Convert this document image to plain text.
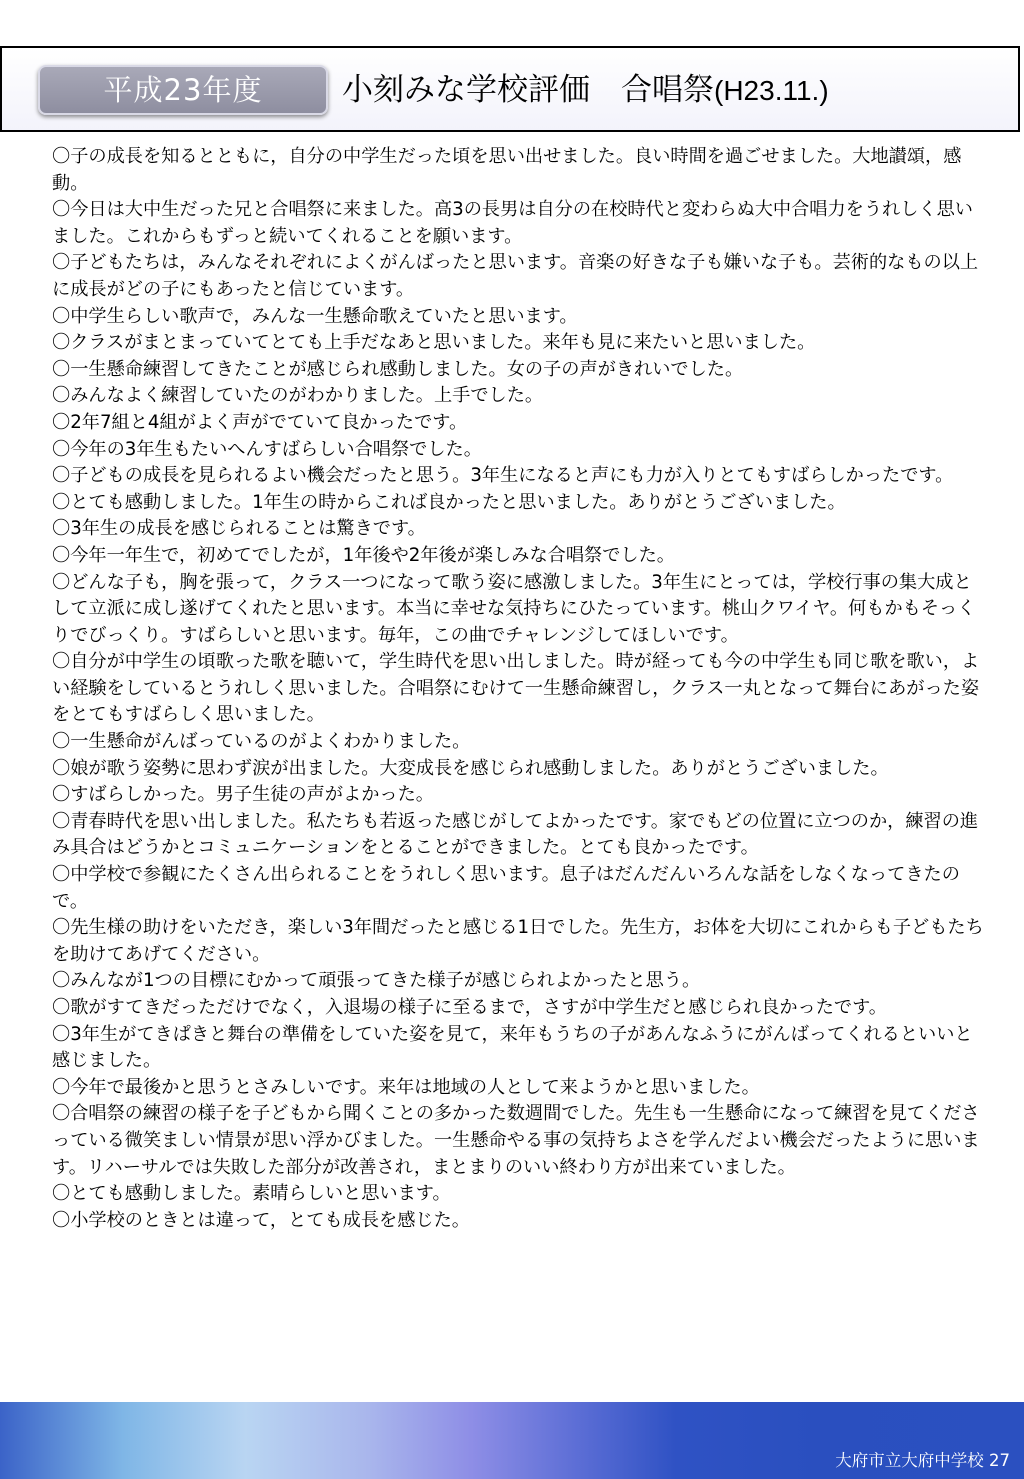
平成23年度	小刻みな学校評価　合唱祭(H23.11.)
〇子の成長を知るとともに，自分の中学生だった頃を思い出せました。良い時間を過ごせました。大地讃頌，感動。
〇今日は大中生だった兄と合唱祭に来ました。高3の長男は自分の在校時代と変わらぬ大中合唱力をうれしく思いました。これからもずっと続いてくれることを願います。
〇子どもたちは，みんなそれぞれによくがんばったと思います。音楽の好きな子も嫌いな子も。芸術的なもの以上に成長がどの子にもあったと信じています。
〇中学生らしい歌声で，みんな一生懸命歌えていたと思います。
〇クラスがまとまっていてとても上手だなあと思いました。来年も見に来たいと思いました。
〇一生懸命練習してきたことが感じられ感動しました。女の子の声がきれいでした。
〇みんなよく練習していたのがわかりました。上手でした。
〇2年7組と4組がよく声がでていて良かったです。
〇今年の3年生もたいへんすばらしい合唱祭でした。
〇子どもの成長を見られるよい機会だったと思う。3年生になると声にも力が入りとてもすばらしかったです。
〇とても感動しました。1年生の時からこれば良かったと思いました。ありがとうございました。
〇3年生の成長を感じられることは驚きです。
〇今年一年生で，初めてでしたが，1年後や2年後が楽しみな合唱祭でした。
〇どんな子も，胸を張って，クラス一つになって歌う姿に感激しました。3年生にとっては，学校行事の集大成として立派に成し遂げてくれたと思います。本当に幸せな気持ちにひたっています。桃山クワイヤ。何もかもそっくりでびっくり。すばらしいと思います。毎年，この曲でチャレンジしてほしいです。
〇自分が中学生の頃歌った歌を聴いて，学生時代を思い出しました。時が経っても今の中学生も同じ歌を歌い，よい経験をしているとうれしく思いました。合唱祭にむけて一生懸命練習し，クラス一丸となって舞台にあがった姿をとてもすばらしく思いました。
〇一生懸命がんばっているのがよくわかりました。
〇娘が歌う姿勢に思わず涙が出ました。大変成長を感じられ感動しました。ありがとうございました。
〇すばらしかった。男子生徒の声がよかった。
〇青春時代を思い出しました。私たちも若返った感じがしてよかったです。家でもどの位置に立つのか，練習の進み具合はどうかとコミュニケーションをとることができました。とても良かったです。
〇中学校で参観にたくさん出られることをうれしく思います。息子はだんだんいろんな話をしなくなってきたので。
〇先生様の助けをいただき，楽しい3年間だったと感じる1日でした。先生方，お体を大切にこれからも子どもたちを助けてあげてください。
〇みんなが1つの目標にむかって頑張ってきた様子が感じられよかったと思う。
〇歌がすてきだっただけでなく，入退場の様子に至るまで，さすが中学生だと感じられ良かったです。
〇3年生がてきぱきと舞台の準備をしていた姿を見て，来年もうちの子があんなふうにがんばってくれるといいと感じました。
〇今年で最後かと思うとさみしいです。来年は地域の人として来ようかと思いました。
〇合唱祭の練習の様子を子どもから聞くことの多かった数週間でした。先生も一生懸命になって練習を見てくださっている微笑ましい情景が思い浮かびました。一生懸命やる事の気持ちよさを学んだよい機会だったように思います。リハーサルでは失敗した部分が改善され，まとまりのいい終わり方が出来ていました。
〇とても感動しました。素晴らしいと思います。
〇小学校のときとは違って，とても成長を感じた。
大府市立大府中学校 27
